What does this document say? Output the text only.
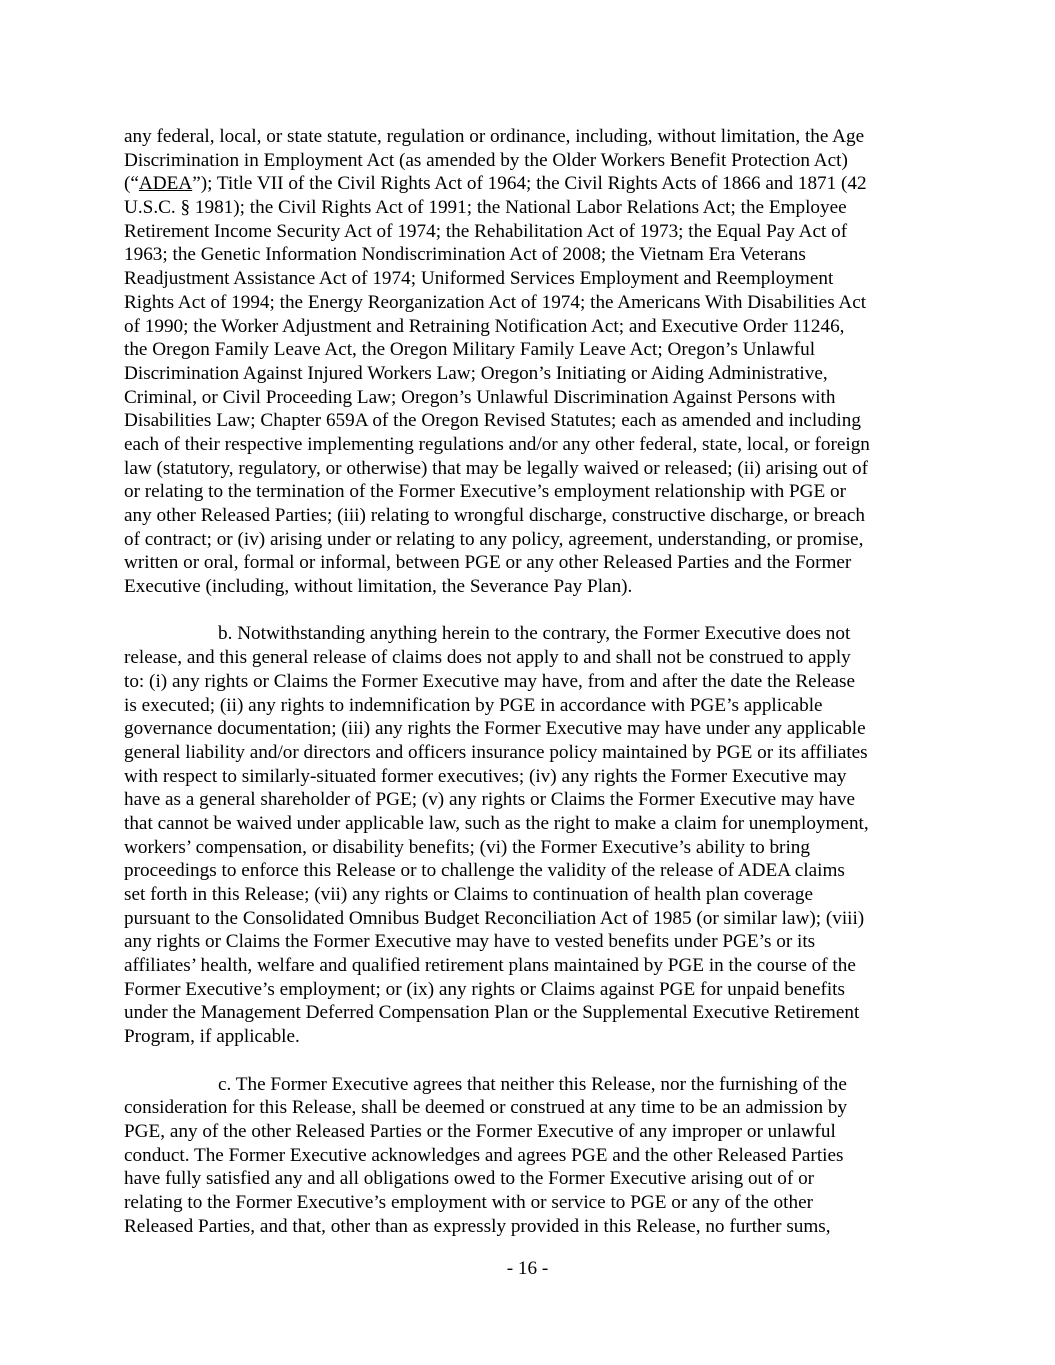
any federal, local, or state statute, regulation or ordinance, including, without limitation, the Age
Discrimination in Employment Act (as amended by the Older Workers Benefit Protection Act)
(“ADEA”); Title VII of the Civil Rights Act of 1964; the Civil Rights Acts of 1866 and 1871 (42
U.S.C. § 1981); the Civil Rights Act of 1991; the National Labor Relations Act; the Employee
Retirement Income Security Act of 1974; the Rehabilitation Act of 1973; the Equal Pay Act of
1963; the Genetic Information Nondiscrimination Act of 2008; the Vietnam Era Veterans
Readjustment Assistance Act of 1974; Uniformed Services Employment and Reemployment
Rights Act of 1994; the Energy Reorganization Act of 1974; the Americans With Disabilities Act
of 1990; the Worker Adjustment and Retraining Notification Act; and Executive Order 11246,
the Oregon Family Leave Act, the Oregon Military Family Leave Act; Oregon’s Unlawful
Discrimination Against Injured Workers Law; Oregon’s Initiating or Aiding Administrative,
Criminal, or Civil Proceeding Law; Oregon’s Unlawful Discrimination Against Persons with
Disabilities Law; Chapter 659A of the Oregon Revised Statutes; each as amended and including
each of their respective implementing regulations and/or any other federal, state, local, or foreign
law (statutory, regulatory, or otherwise) that may be legally waived or released; (ii) arising out of
or relating to the termination of the Former Executive’s employment relationship with PGE or
any other Released Parties; (iii) relating to wrongful discharge, constructive discharge, or breach
of contract; or (iv) arising under or relating to any policy, agreement, understanding, or promise,
written or oral, formal or informal, between PGE or any other Released Parties and the Former
Executive (including, without limitation, the Severance Pay Plan).
b. Notwithstanding anything herein to the contrary, the Former Executive does not
release, and this general release of claims does not apply to and shall not be construed to apply
to: (i) any rights or Claims the Former Executive may have, from and after the date the Release
is executed; (ii) any rights to indemnification by PGE in accordance with PGE’s applicable
governance documentation; (iii) any rights the Former Executive may have under any applicable
general liability and/or directors and officers insurance policy maintained by PGE or its affiliates
with respect to similarly-situated former executives; (iv) any rights the Former Executive may
have as a general shareholder of PGE; (v) any rights or Claims the Former Executive may have
that cannot be waived under applicable law, such as the right to make a claim for unemployment,
workers’ compensation, or disability benefits; (vi) the Former Executive’s ability to bring
proceedings to enforce this Release or to challenge the validity of the release of ADEA claims
set forth in this Release; (vii) any rights or Claims to continuation of health plan coverage
pursuant to the Consolidated Omnibus Budget Reconciliation Act of 1985 (or similar law); (viii)
any rights or Claims the Former Executive may have to vested benefits under PGE’s or its
affiliates’ health, welfare and qualified retirement plans maintained by PGE in the course of the
Former Executive’s employment; or (ix) any rights or Claims against PGE for unpaid benefits
under the Management Deferred Compensation Plan or the Supplemental Executive Retirement
Program, if applicable.
c. The Former Executive agrees that neither this Release, nor the furnishing of the
consideration for this Release, shall be deemed or construed at any time to be an admission by
PGE, any of the other Released Parties or the Former Executive of any improper or unlawful
conduct. The Former Executive acknowledges and agrees PGE and the other Released Parties
have fully satisfied any and all obligations owed to the Former Executive arising out of or
relating to the Former Executive’s employment with or service to PGE or any of the other
Released Parties, and that, other than as expressly provided in this Release, no further sums,
- 16 -
